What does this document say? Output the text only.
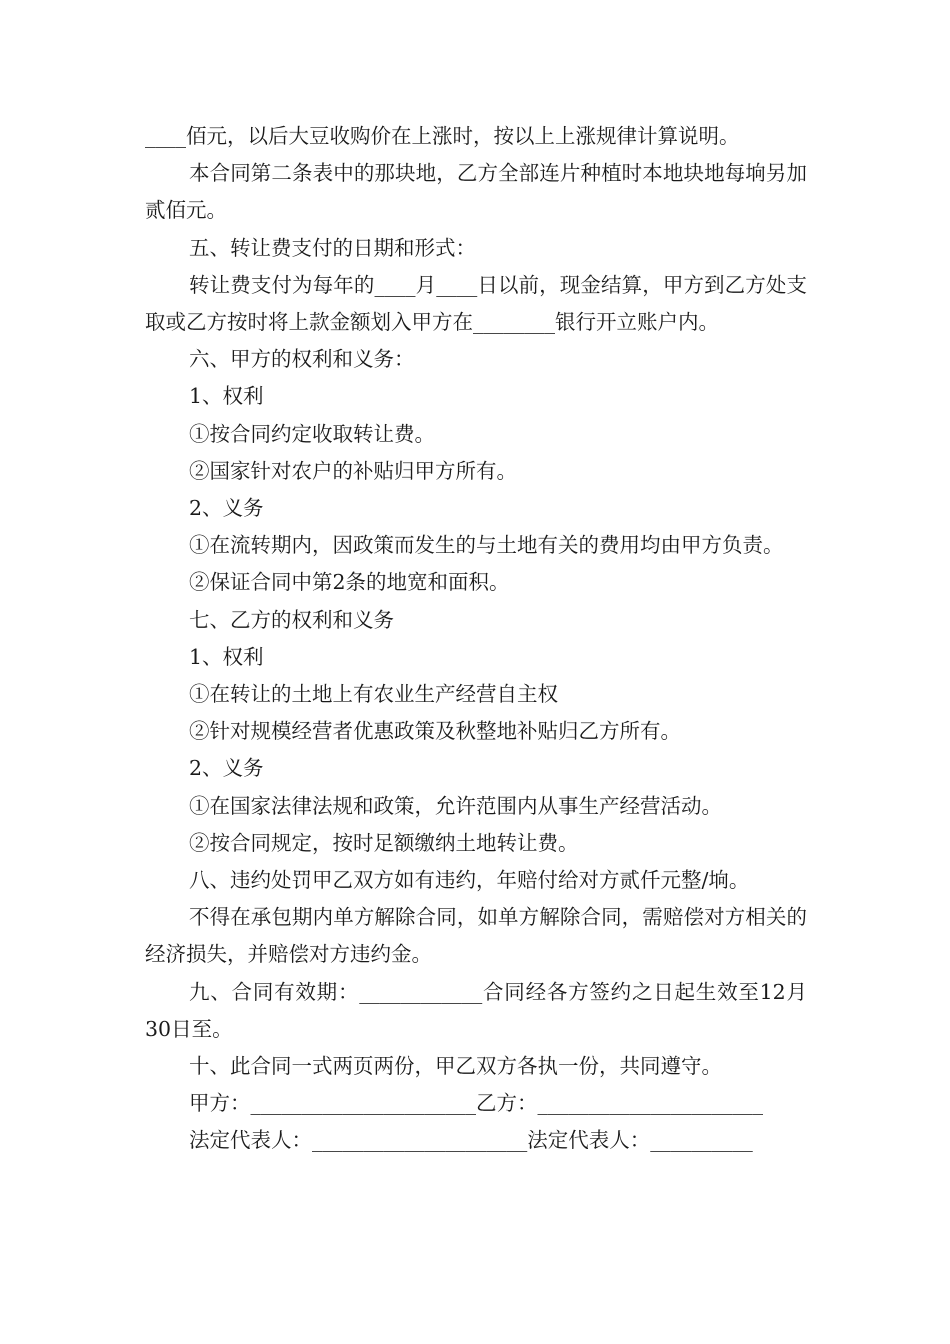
____佰元，以后大豆收购价在上涨时，按以上上涨规律计算说明。

本合同第二条表中的那块地，乙方全部连片种植时本地块地每垧另加贰佰元。

五、转让费支付的日期和形式：

转让费支付为每年的____月____日以前，现金结算，甲方到乙方处支取或乙方按时将上款金额划入甲方在________银行开立账户内。

六、甲方的权利和义务：

1、权利

①按合同约定收取转让费。

②国家针对农户的补贴归甲方所有。

2、义务

①在流转期内，因政策而发生的与土地有关的费用均由甲方负责。

②保证合同中第2条的地宽和面积。

七、乙方的权利和义务

1、权利

①在转让的土地上有农业生产经营自主权

②针对规模经营者优惠政策及秋整地补贴归乙方所有。

2、义务

①在国家法律法规和政策，允许范围内从事生产经营活动。

②按合同规定，按时足额缴纳土地转让费。

八、违约处罚甲乙双方如有违约，年赔付给对方贰仟元整/垧。

不得在承包期内单方解除合同，如单方解除合同，需赔偿对方相关的经济损失，并赔偿对方违约金。

九、合同有效期：____________合同经各方签约之日起生效至12月30日至。

十、此合同一式两页两份，甲乙双方各执一份，共同遵守。

甲方：______________________乙方：______________________

法定代表人：_____________________法定代表人：__________
